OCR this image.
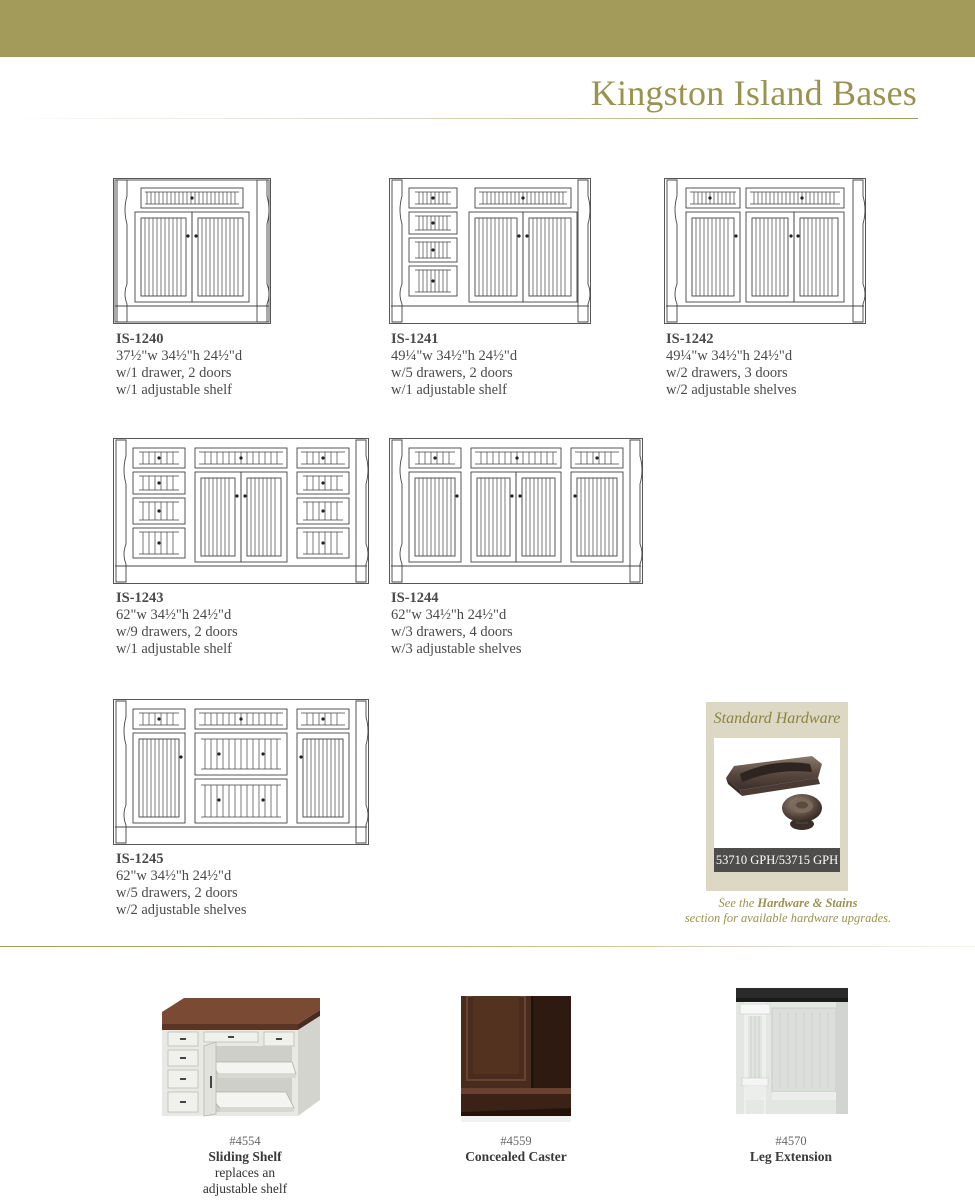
Kingston Island Bases
IS-1240
37½"w 34½"h 24½"d
w/1 drawer, 2 doors
w/1 adjustable shelf
IS-1241
49¼"w 34½"h 24½"d
w/5 drawers, 2 doors
w/1 adjustable shelf
IS-1242
49¼"w 34½"h 24½"d
w/2 drawers, 3 doors
w/2 adjustable shelves
IS-1243
62"w 34½"h 24½"d
w/9 drawers, 2 doors
w/1 adjustable shelf
IS-1244
62"w 34½"h 24½"d
w/3 drawers, 4 doors
w/3 adjustable shelves
IS-1245
62"w 34½"h 24½"d
w/5 drawers, 2 doors
w/2 adjustable shelves
Standard Hardware
53710 GPH/53715 GPH
See the Hardware & Stains
section for available hardware upgrades.
#4554
Sliding Shelf
replaces an
adjustable shelf
#4559
Concealed Caster
#4570
Leg Extension
